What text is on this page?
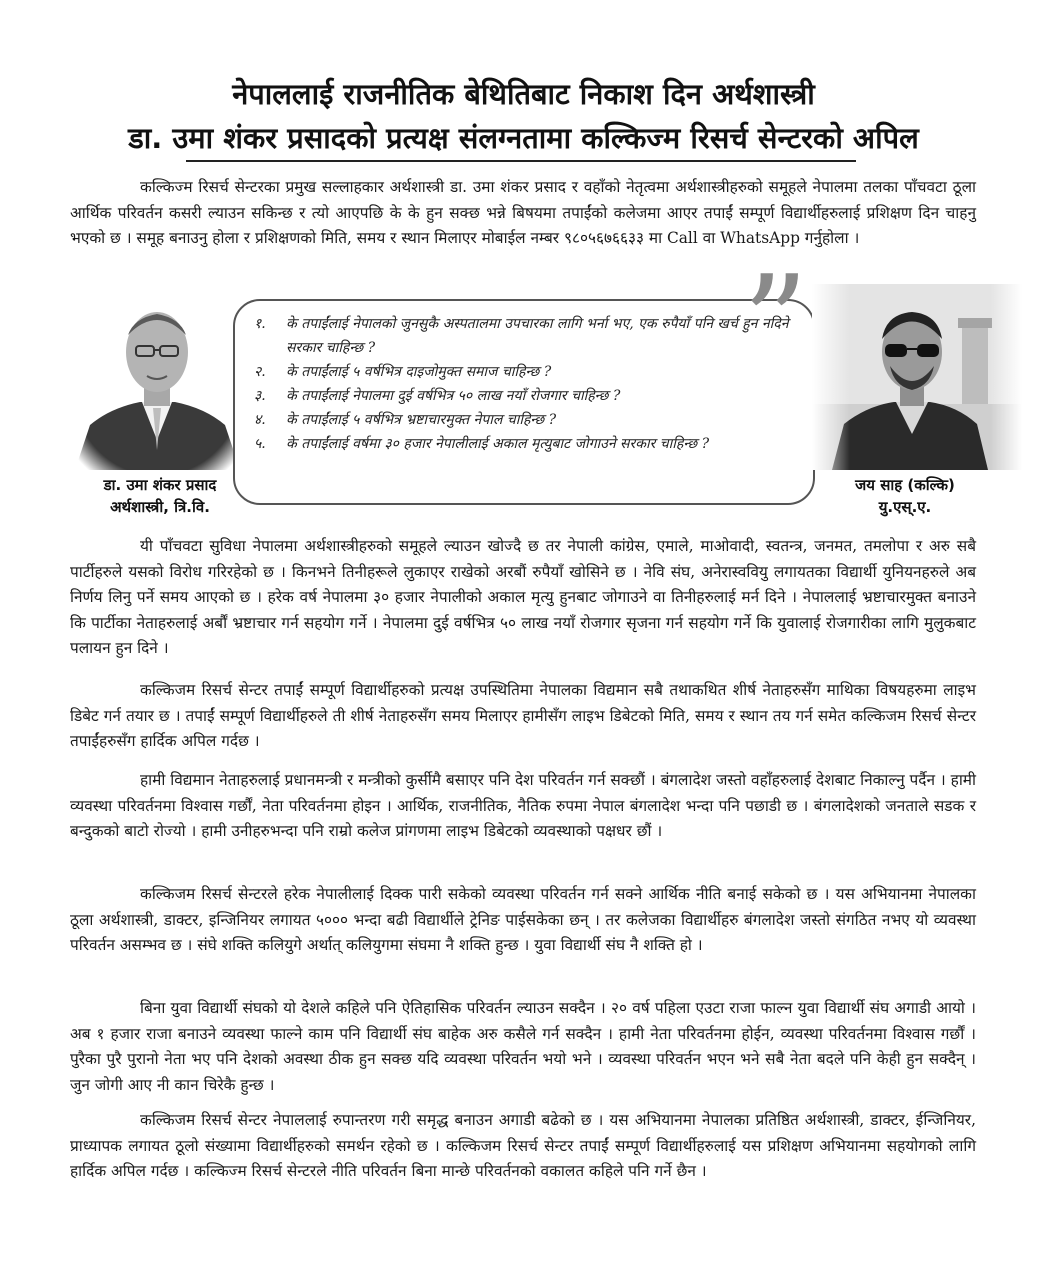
नेपाललाई राजनीतिक बेथितिबाट निकाश दिन अर्थशास्त्री
डा. उमा शंकर प्रसादको प्रत्यक्ष संलग्नतामा कल्किज्म रिसर्च सेन्टरको अपिल

कल्किज्म रिसर्च सेन्टरका प्रमुख सल्लाहकार अर्थशास्त्री डा. उमा शंकर प्रसाद र वहाँको नेतृत्वमा अर्थशास्त्रीहरुको समूहले नेपालमा तलका पाँचवटा ठूला आर्थिक परिवर्तन कसरी ल्याउन सकिन्छ र त्यो आएपछि के के हुन सक्छ भन्ने बिषयमा तपाईंको कलेजमा आएर तपाईं सम्पूर्ण विद्यार्थीहरुलाई प्रशिक्षण दिन चाहनु भएको छ । समूह बनाउनु होला र प्रशिक्षणको मिति, समय र स्थान मिलाएर मोबाईल नम्बर ९८०५६७६६३३ मा Call वा WhatsApp गर्नुहोला ।

डा. उमा शंकर प्रसाद
अर्थशास्त्री, त्रि.वि.
”
१. के तपाईंलाई नेपालको जुनसुकै अस्पतालमा उपचारका लागि भर्ना भए, एक रुपैयाँ पनि खर्च हुन नदिने सरकार चाहिन्छ ?
२. के तपाईंलाई ५ वर्षभित्र दाइजोमुक्त समाज चाहिन्छ ?
३. के तपाईंलाई नेपालमा दुई वर्षभित्र ५० लाख नयाँ रोजगार चाहिन्छ ?
४. के तपाईंलाई ५ वर्षभित्र भ्रष्टाचारमुक्त नेपाल चाहिन्छ ?
५. के तपाईंलाई वर्षमा ३० हजार नेपालीलाई अकाल मृत्युबाट जोगाउने सरकार चाहिन्छ ?
जय साह (कल्कि)
यु.एस्.ए.

यी पाँचवटा सुविधा नेपालमा अर्थशास्त्रीहरुको समूहले ल्याउन खोज्दै छ तर नेपाली कांग्रेस, एमाले, माओवादी, स्वतन्त्र, जनमत, तमलोपा र अरु सबै पार्टीहरुले यसको विरोध गरिरहेको छ । किनभने तिनीहरूले लुकाएर राखेको अरबौं रुपैयाँ खोसिने छ । नेवि संघ, अनेरास्ववियु लगायतका विद्यार्थी युनियनहरुले अब निर्णय लिनु पर्ने समय आएको छ । हरेक वर्ष नेपालमा ३० हजार नेपालीको अकाल मृत्यु हुनबाट जोगाउने वा तिनीहरुलाई मर्न दिने । नेपाललाई भ्रष्टाचारमुक्त बनाउने कि पार्टीका नेताहरुलाई अर्बौं भ्रष्टाचार गर्न सहयोग गर्ने । नेपालमा दुई वर्षभित्र ५० लाख नयाँ रोजगार सृजना गर्न सहयोग गर्ने कि युवालाई रोजगारीका लागि मुलुकबाट पलायन हुन दिने ।

कल्किजम रिसर्च सेन्टर तपाईं सम्पूर्ण विद्यार्थीहरुको प्रत्यक्ष उपस्थितिमा नेपालका विद्यमान सबै तथाकथित शीर्ष नेताहरुसँग माथिका विषयहरुमा लाइभ डिबेट गर्न तयार छ । तपाईं सम्पूर्ण विद्यार्थीहरुले ती शीर्ष नेताहरुसँग समय मिलाएर हामीसँग लाइभ डिबेटको मिति, समय र स्थान तय गर्न समेत कल्किजम रिसर्च सेन्टर तपाईंहरुसँग हार्दिक अपिल गर्दछ ।

हामी विद्यमान नेताहरुलाई प्रधानमन्त्री र मन्त्रीको कुर्सीमै बसाएर पनि देश परिवर्तन गर्न सक्छौं । बंगलादेश जस्तो वहाँहरुलाई देशबाट निकाल्नु पर्दैन । हामी व्यवस्था परिवर्तनमा विश्वास गर्छौं, नेता परिवर्तनमा होइन । आर्थिक, राजनीतिक, नैतिक रुपमा नेपाल बंगलादेश भन्दा पनि पछाडी छ । बंगलादेशको जनताले सडक र बन्दुकको बाटो रोज्यो । हामी उनीहरुभन्दा पनि राम्रो कलेज प्रांगणमा लाइभ डिबेटको व्यवस्थाको पक्षधर छौं ।

कल्किजम रिसर्च सेन्टरले हरेक नेपालीलाई दिक्क पारी सकेको व्यवस्था परिवर्तन गर्न सक्ने आर्थिक नीति बनाई सकेको छ । यस अभियानमा नेपालका ठूला अर्थशास्त्री, डाक्टर, इन्जिनियर लगायत ५००० भन्दा बढी विद्यार्थीले ट्रेनिङ पाईसकेका छन् । तर कलेजका विद्यार्थीहरु बंगलादेश जस्तो संगठित नभए यो व्यवस्था परिवर्तन असम्भव छ । संघे शक्ति कलियुगे अर्थात् कलियुगमा संघमा नै शक्ति हुन्छ । युवा विद्यार्थी संघ नै शक्ति हो ।

बिना युवा विद्यार्थी संघको यो देशले कहिले पनि ऐतिहासिक परिवर्तन ल्याउन सक्दैन । २० वर्ष पहिला एउटा राजा फाल्न युवा विद्यार्थी संघ अगाडी आयो । अब १ हजार राजा बनाउने व्यवस्था फाल्ने काम पनि विद्यार्थी संघ बाहेक अरु कसैले गर्न सक्दैन । हामी नेता परिवर्तनमा होईन, व्यवस्था परिवर्तनमा विश्वास गर्छौं । पुरैका पुरै पुरानो नेता भए पनि देशको अवस्था ठीक हुन सक्छ यदि व्यवस्था परिवर्तन भयो भने । व्यवस्था परिवर्तन भएन भने सबै नेता बदले पनि केही हुन सक्दैन् । जुन जोगी आए नी कान चिरेकै हुन्छ ।

कल्किजम रिसर्च सेन्टर नेपाललाई रुपान्तरण गरी समृद्ध बनाउन अगाडी बढेको छ । यस अभियानमा नेपालका प्रतिष्ठित अर्थशास्त्री, डाक्टर, ईन्जिनियर, प्राध्यापक लगायत ठूलो संख्यामा विद्यार्थीहरुको समर्थन रहेको छ । कल्किजम रिसर्च सेन्टर तपाईं सम्पूर्ण विद्यार्थीहरुलाई यस प्रशिक्षण अभियानमा सहयोगको लागि हार्दिक अपिल गर्दछ । कल्किज्म रिसर्च सेन्टरले नीति परिवर्तन बिना मान्छे परिवर्तनको वकालत कहिले पनि गर्ने छैन ।
